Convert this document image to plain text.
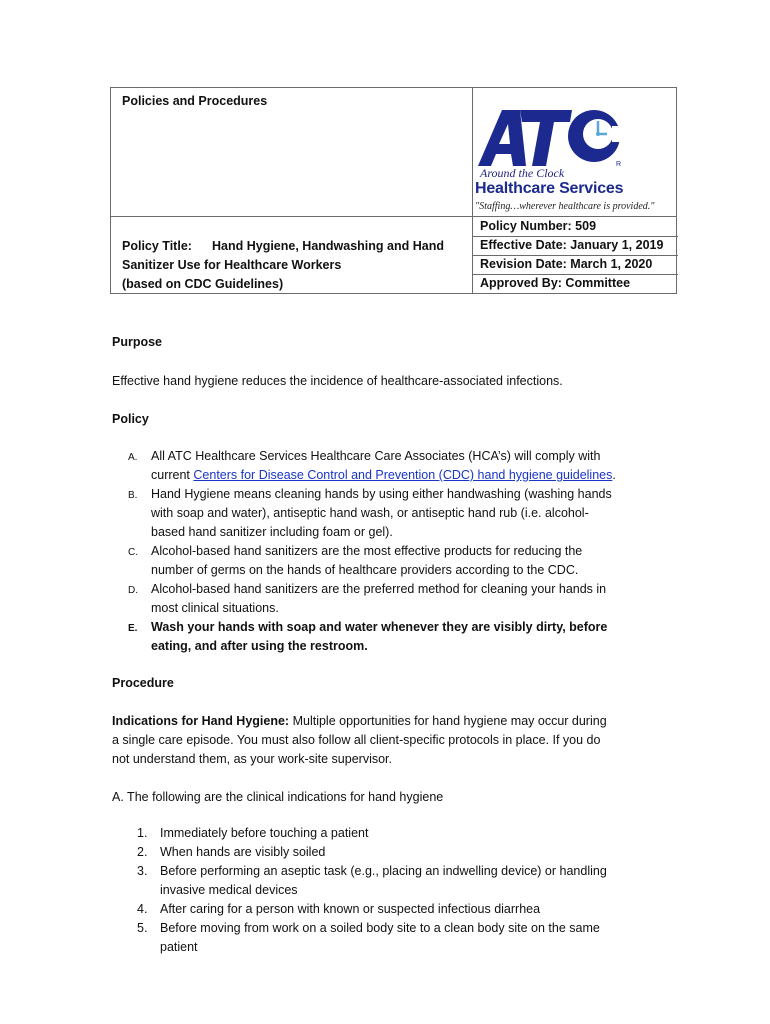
Policies and Procedures
Policy Title: Hand Hygiene, Handwashing and Hand
Sanitizer Use for Healthcare Workers
(based on CDC Guidelines)
Policy Number: 509
Effective Date: January 1, 2019
Revision Date: March 1, 2020
Approved By: Committee
R
Around the Clock
Healthcare Services
"Staffing…wherever healthcare is provided."
Purpose
Effective hand hygiene reduces the incidence of healthcare-associated infections.
Policy
A. All ATC Healthcare Services Healthcare Care Associates (HCA’s) will comply with
current Centers for Disease Control and Prevention (CDC) hand hygiene guidelines.
B. Hand Hygiene means cleaning hands by using either handwashing (washing hands
with soap and water), antiseptic hand wash, or antiseptic hand rub (i.e. alcohol-
based hand sanitizer including foam or gel).
C. Alcohol-based hand sanitizers are the most effective products for reducing the
number of germs on the hands of healthcare providers according to the CDC.
D. Alcohol-based hand sanitizers are the preferred method for cleaning your hands in
most clinical situations.
E. Wash your hands with soap and water whenever they are visibly dirty, before
eating, and after using the restroom.
Procedure
Indications for Hand Hygiene: Multiple opportunities for hand hygiene may occur during
a single care episode. You must also follow all client-specific protocols in place. If you do
not understand them, as your work-site supervisor.
A. The following are the clinical indications for hand hygiene
1. Immediately before touching a patient
2. When hands are visibly soiled
3. Before performing an aseptic task (e.g., placing an indwelling device) or handling
invasive medical devices
4. After caring for a person with known or suspected infectious diarrhea
5. Before moving from work on a soiled body site to a clean body site on the same
patient
